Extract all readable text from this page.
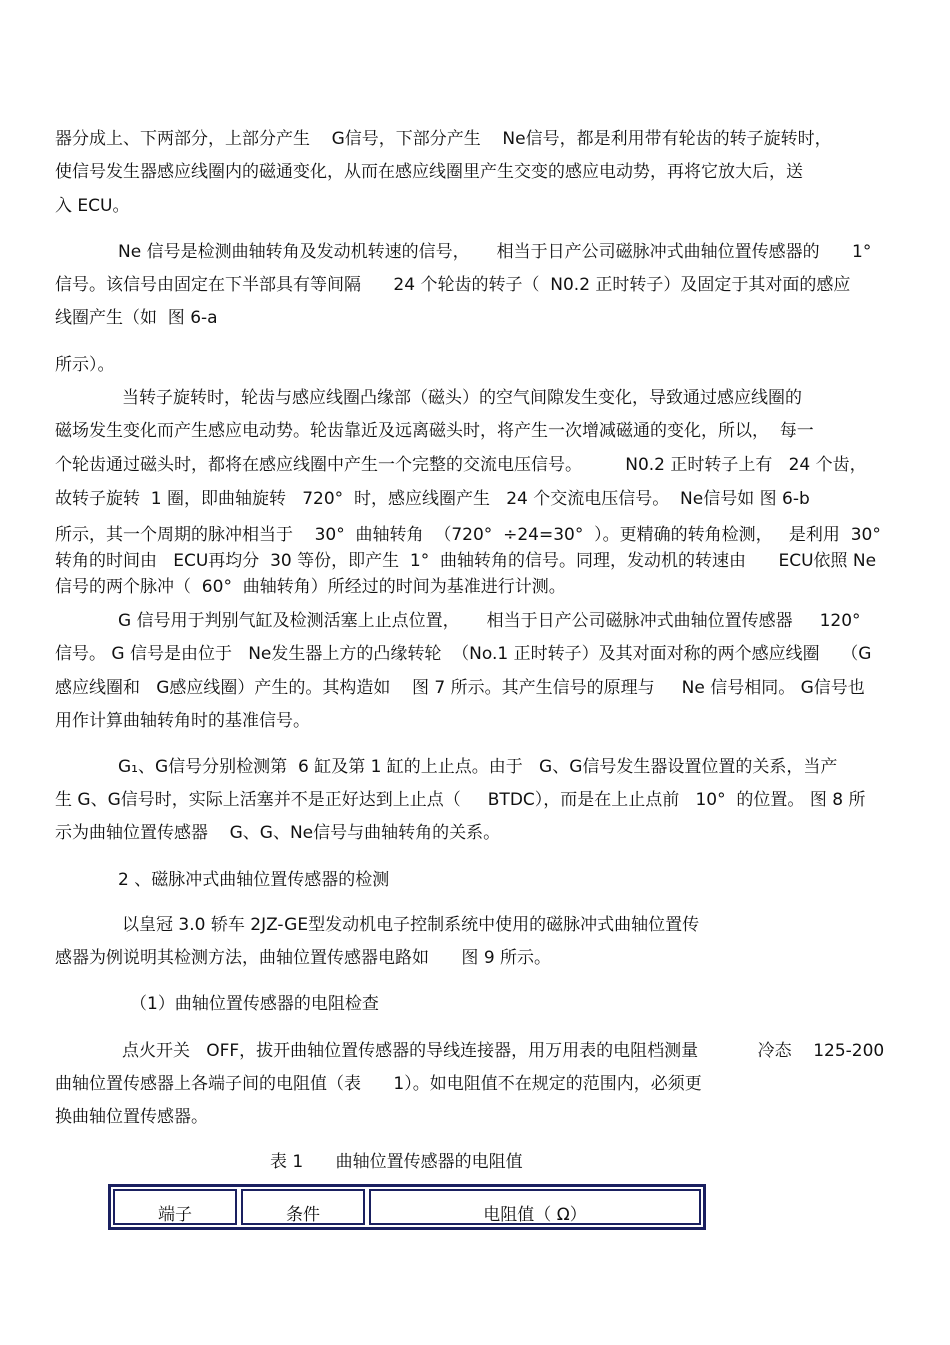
器分成上、下两部分，上部分产生    G信号，下部分产生    Ne信号，都是利用带有轮齿的转子旋转时，
使信号发生器感应线圈内的磁通变化，从而在感应线圈里产生交变的感应电动势，再将它放大后，送
入 ECU。
Ne 信号是检测曲轴转角及发动机转速的信号，     相当于日产公司磁脉冲式曲轴位置传感器的      1°
信号。该信号由固定在下半部具有等间隔      24 个轮齿的转子（  N0.2 正时转子）及固定于其对面的感应
线圈产生（如  图 6-a
所示）。
当转子旋转时，轮齿与感应线圈凸缘部（磁头）的空气间隙发生变化，导致通过感应线圈的
磁场发生变化而产生感应电动势。轮齿靠近及远离磁头时，将产生一次增减磁通的变化，所以，  每一
个轮齿通过磁头时，都将在感应线圈中产生一个完整的交流电压信号。        N0.2 正时转子上有   24 个齿，
故转子旋转  1 圈，即曲轴旋转   720°  时，感应线圈产生   24 个交流电压信号。  Ne信号如 图 6-b
所示，其一个周期的脉冲相当于    30°  曲轴转角  （720°  ÷24=30°  ）。更精确的转角检测，   是利用  30°
转角的时间由   ECU再均分  30 等份，即产生  1°  曲轴转角的信号。同理，发动机的转速由      ECU依照 Ne
信号的两个脉冲（  60°  曲轴转角）所经过的时间为基准进行计测。
G 信号用于判别气缸及检测活塞上止点位置，     相当于日产公司磁脉冲式曲轴位置传感器     120°
信号。 G 信号是由位于   Ne发生器上方的凸缘转轮  （No.1 正时转子）及其对面对称的两个感应线圈    （G
感应线圈和   G感应线圈）产生的。其构造如    图 7 所示。其产生信号的原理与     Ne 信号相同。 G信号也
用作计算曲轴转角时的基准信号。
G₁、G信号分别检测第  6 缸及第 1 缸的上止点。由于   G、G信号发生器设置位置的关系，当产
生 G、G信号时，实际上活塞并不是正好达到上止点（     BTDC），而是在上止点前   10°  的位置。 图 8 所
示为曲轴位置传感器    G、G、Ne信号与曲轴转角的关系。
2 、磁脉冲式曲轴位置传感器的检测
以皇冠 3.0 轿车 2JZ-GE型发动机电子控制系统中使用的磁脉冲式曲轴位置传
感器为例说明其检测方法，曲轴位置传感器电路如      图 9 所示。
（1）曲轴位置传感器的电阻检查
点火开关   OFF，拔开曲轴位置传感器的导线连接器，用万用表的电阻档测量           冷态    125-200
曲轴位置传感器上各端子间的电阻值（表      1）。如电阻值不在规定的范围内，必须更
换曲轴位置传感器。
表 1      曲轴位置传感器的电阻值
端子	条件	电阻值（ Ω）
